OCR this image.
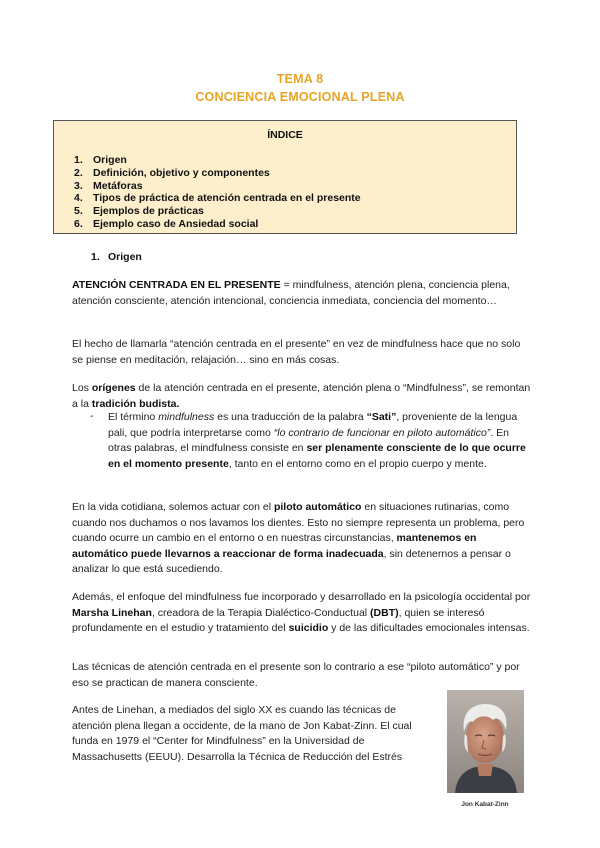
TEMA 8
CONCIENCIA EMOCIONAL PLENA
ÍNDICE
1. Origen
2. Definición, objetivo y componentes
3. Metáforas
4. Tipos de práctica de atención centrada en el presente
5. Ejemplos de prácticas
6. Ejemplo caso de Ansiedad social
1. Origen

ATENCIÓN CENTRADA EN EL PRESENTE = mindfulness, atención plena, conciencia plena, atención consciente, atención intencional, conciencia inmediata, conciencia del momento…

El hecho de llamarla “atención centrada en el presente” en vez de mindfulness hace que no solo se piense en meditación, relajación… sino en más cosas.

Los orígenes de la atención centrada en el presente, atención plena o “Mindfulness”, se remontan a la tradición budista.

- El término mindfulness es una traducción de la palabra “Sati”, proveniente de la lengua pali, que podría interpretarse como “lo contrario de funcionar en piloto automático”. En otras palabras, el mindfulness consiste en ser plenamente consciente de lo que ocurre en el momento presente, tanto en el entorno como en el propio cuerpo y mente.

En la vida cotidiana, solemos actuar con el piloto automático en situaciones rutinarias, como cuando nos duchamos o nos lavamos los dientes. Esto no siempre representa un problema, pero cuando ocurre un cambio en el entorno o en nuestras circunstancias, mantenemos en automático puede llevarnos a reaccionar de forma inadecuada, sin detenernos a pensar o analizar lo que está sucediendo.

Además, el enfoque del mindfulness fue incorporado y desarrollado en la psicología occidental por Marsha Linehan, creadora de la Terapia Dialéctico-Conductual (DBT), quien se interesó profundamente en el estudio y tratamiento del suicidio y de las dificultades emocionales intensas.

Las técnicas de atención centrada en el presente son lo contrario a ese “piloto automático” y por eso se practican de manera consciente.

Antes de Linehan, a mediados del siglo XX es cuando las técnicas de atención plena llegan a occidente, de la mano de Jon Kabat-Zinn. El cual funda en 1979 el “Center for Mindfulness” en la Universidad de Massachusetts (EEUU). Desarrolla la Técnica de Reducción del Estrés

Jon Kabat-Zinn
